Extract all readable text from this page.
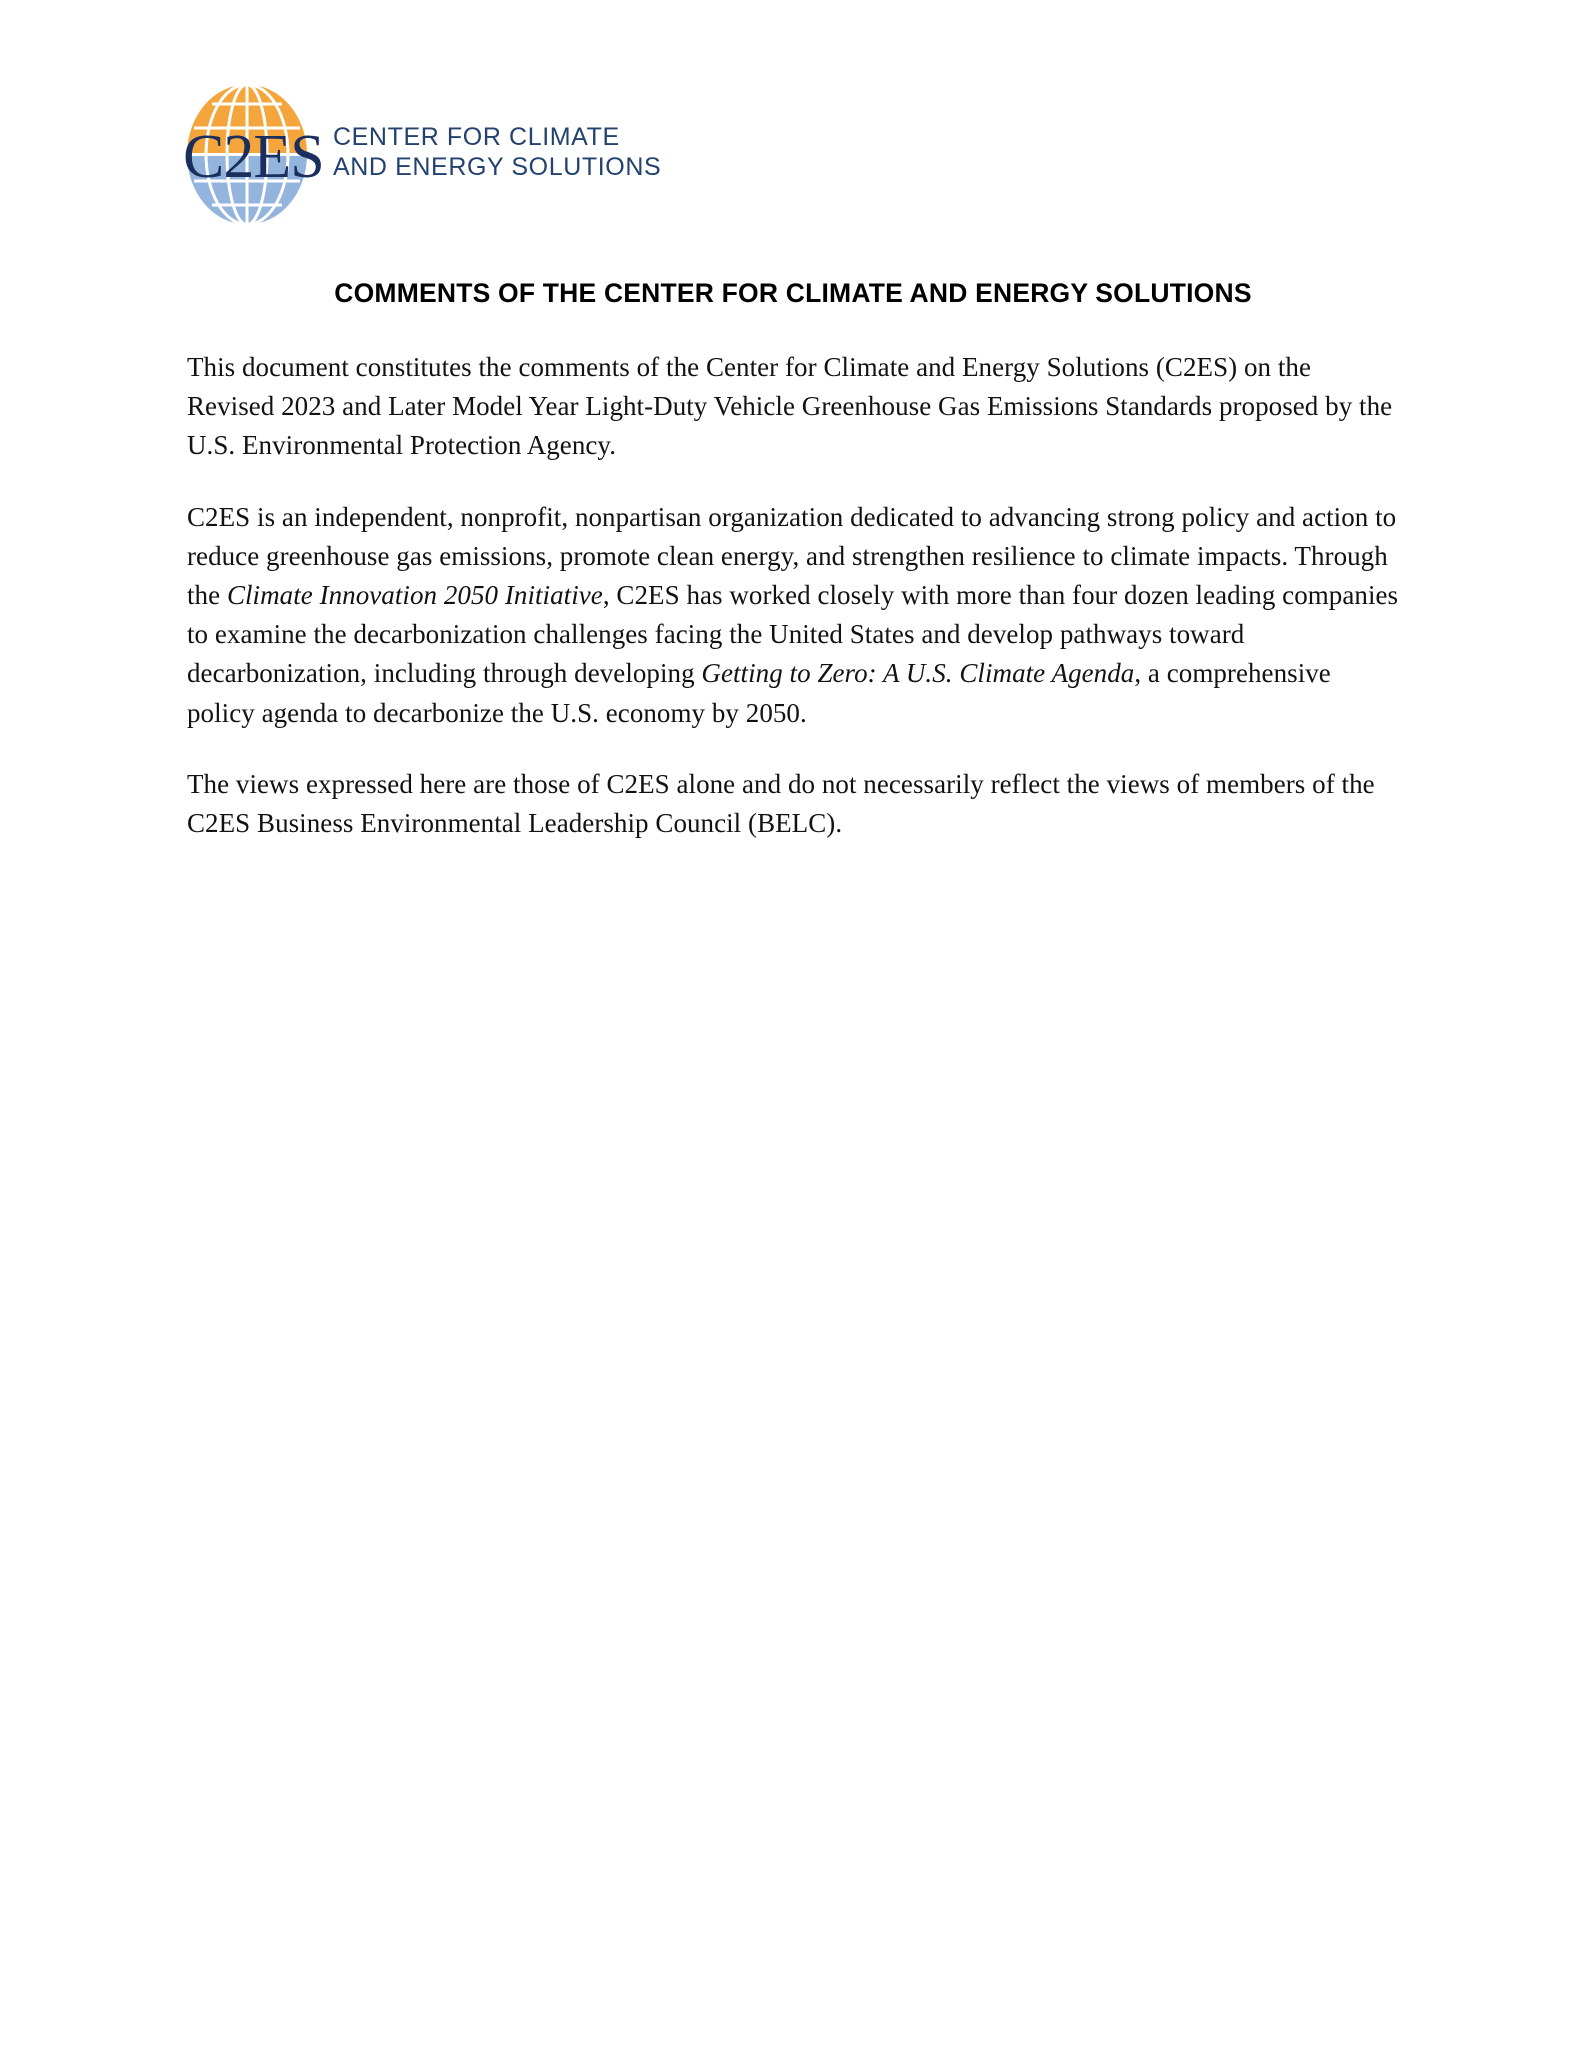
C2ES CENTER FOR CLIMATE
AND ENERGY SOLUTIONS
COMMENTS OF THE CENTER FOR CLIMATE AND ENERGY SOLUTIONS

This document constitutes the comments of the Center for Climate and Energy Solutions (C2ES) on the Revised 2023 and Later Model Year Light-Duty Vehicle Greenhouse Gas Emissions Standards proposed by the U.S. Environmental Protection Agency.

C2ES is an independent, nonprofit, nonpartisan organization dedicated to advancing strong policy and action to reduce greenhouse gas emissions, promote clean energy, and strengthen resilience to climate impacts. Through the Climate Innovation 2050 Initiative, C2ES has worked closely with more than four dozen leading companies to examine the decarbonization challenges facing the United States and develop pathways toward decarbonization, including through developing Getting to Zero: A U.S. Climate Agenda, a comprehensive policy agenda to decarbonize the U.S. economy by 2050.

The views expressed here are those of C2ES alone and do not necessarily reflect the views of members of the C2ES Business Environmental Leadership Council (BELC).
